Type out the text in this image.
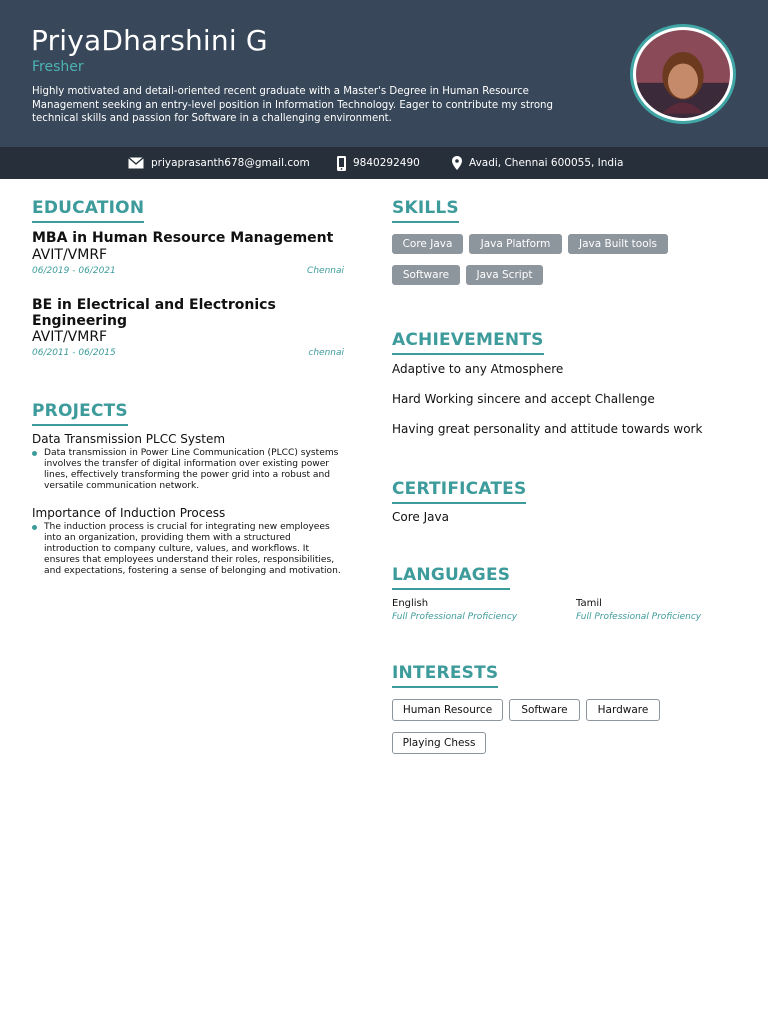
PriyaDharshini G
Fresher
Highly motivated and detail-oriented recent graduate with a Master's Degree in Human Resource Management seeking an entry-level position in Information Technology. Eager to contribute my strong technical skills and passion for Software in a challenging environment.
priyaprasanth678@gmail.com	9840292490	Avadi, Chennai 600055, India
EDUCATION
MBA in Human Resource Management
AVIT/VMRF
06/2019 - 06/2021	Chennai
BE in Electrical and Electronics Engineering
AVIT/VMRF
06/2011 - 06/2015	chennai
PROJECTS
Data Transmission PLCC System
Data transmission in Power Line Communication (PLCC) systems involves the transfer of digital information over existing power lines, effectively transforming the power grid into a robust and versatile communication network.
Importance of Induction Process
The induction process is crucial for integrating new employees into an organization, providing them with a structured introduction to company culture, values, and workflows. It ensures that employees understand their roles, responsibilities, and expectations, fostering a sense of belonging and motivation.
SKILLS
Core Java	Java Platform	Java Built tools
Software	Java Script
ACHIEVEMENTS
Adaptive to any Atmosphere
Hard Working sincere and accept Challenge
Having great personality and attitude towards work
CERTIFICATES
Core Java
LANGUAGES
English
Full Professional Proficiency
Tamil
Full Professional Proficiency
INTERESTS
Human Resource	Software	Hardware
Playing Chess
